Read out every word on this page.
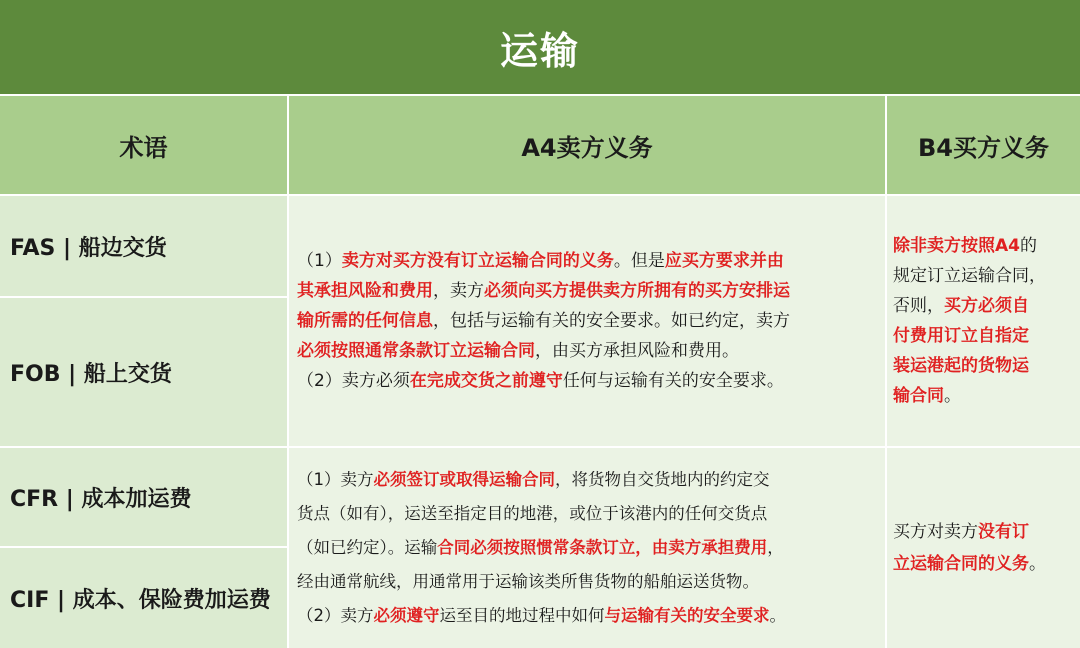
运输
术语	A4卖方义务	B4买方义务
FAS | 船边交货
FOB | 船上交货
CFR | 成本加运费
CIF | 成本、保险费加运费

（1）卖方对买方没有订立运输合同的义务。但是应买方要求并由

其承担风险和费用，卖方必须向买方提供卖方所拥有的买方安排运

输所需的任何信息，包括与运输有关的安全要求。如已约定，卖方

必须按照通常条款订立运输合同，由买方承担风险和费用。

（2）卖方必须在完成交货之前遵守任何与运输有关的安全要求。

除非卖方按照A4的

规定订立运输合同，

否则，买方必须自

付费用订立自指定

装运港起的货物运

输合同。

（1）卖方必须签订或取得运输合同，将货物自交货地内的约定交

货点（如有），运送至指定目的地港，或位于该港内的任何交货点

（如已约定）。运输合同必须按照惯常条款订立，由卖方承担费用，

经由通常航线，用通常用于运输该类所售货物的船舶运送货物。

（2）卖方必须遵守运至目的地过程中如何与运输有关的安全要求。

买方对卖方没有订

立运输合同的义务。
